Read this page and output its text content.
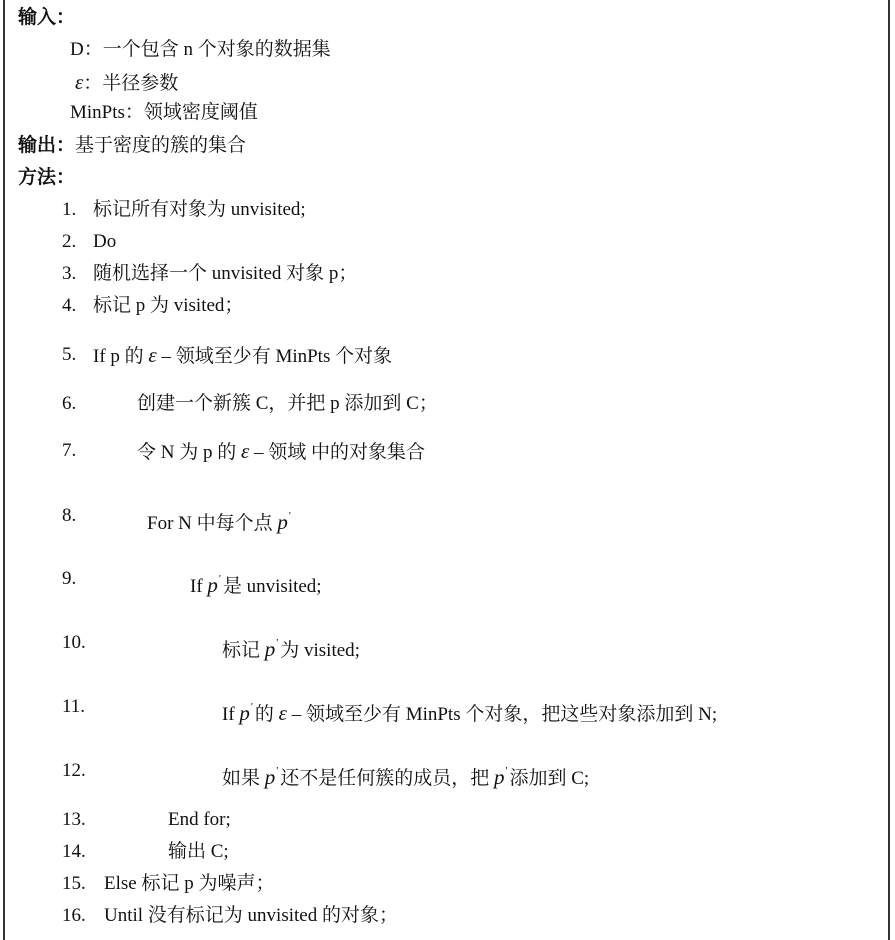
输入：
D：一个包含 n 个对象的数据集
ε：半径参数
MinPts：领域密度阈值
输出：基于密度的簇的集合
方法：
1. 标记所有对象为 unvisited;
2. Do
3. 随机选择一个 unvisited 对象 p；
4. 标记 p 为 visited；
5. If p 的 ε – 领域至少有 MinPts 个对象
6.	创建一个新簇 C，并把 p 添加到 C；
7.	令 N 为 p 的 ε – 领域 中的对象集合
8.	For N 中每个点 p'
9.	If p' 是 unvisited;
10.	标记 p' 为 visited;
11.	If p' 的 ε – 领域至少有 MinPts 个对象，把这些对象添加到 N;
12.	如果 p' 还不是任何簇的成员，把 p' 添加到 C;
13.	End for;
14.	输出 C;
15. Else 标记 p 为噪声；
16. Until 没有标记为 unvisited 的对象；
